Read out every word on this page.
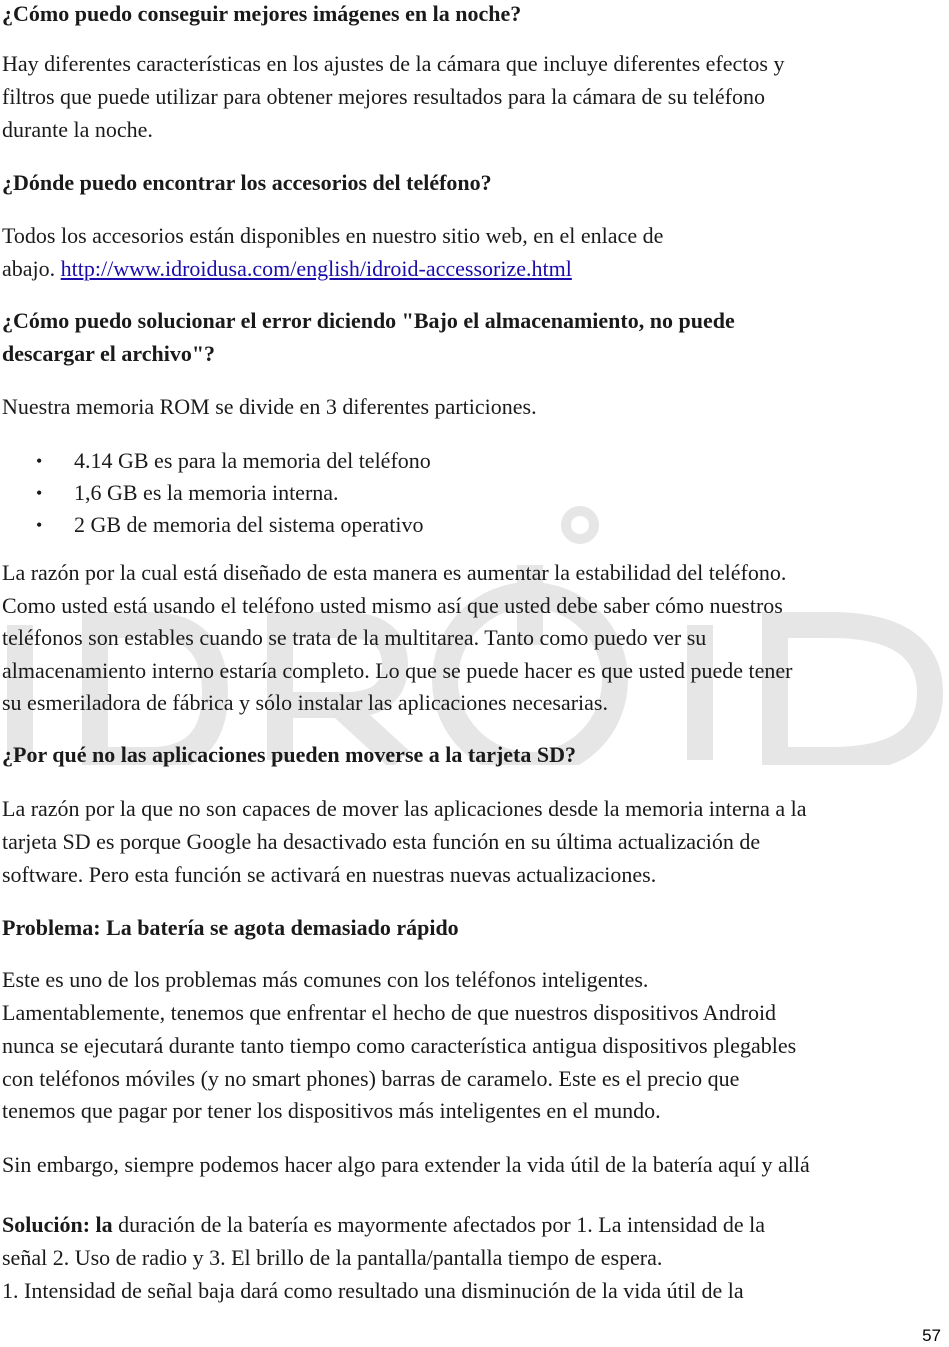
¿Cómo puedo conseguir mejores imágenes en la noche?
Hay diferentes características en los ajustes de la cámara que incluye diferentes efectos y
filtros que puede utilizar para obtener mejores resultados para la cámara de su teléfono
durante la noche.
¿Dónde puedo encontrar los accesorios del teléfono?
Todos los accesorios están disponibles en nuestro sitio web, en el enlace de
abajo. http://www.idroidusa.com/english/idroid-accessorize.html
¿Cómo puedo solucionar el error diciendo "Bajo el almacenamiento, no puede
descargar el archivo"?
Nuestra memoria ROM se divide en 3 diferentes particiones.
• 4.14 GB es para la memoria del teléfono
• 1,6 GB es la memoria interna.
• 2 GB de memoria del sistema operativo
La razón por la cual está diseñado de esta manera es aumentar la estabilidad del teléfono.
Como usted está usando el teléfono usted mismo así que usted debe saber cómo nuestros
teléfonos son estables cuando se trata de la multitarea. Tanto como puedo ver su
almacenamiento interno estaría completo. Lo que se puede hacer es que usted puede tener
su esmeriladora de fábrica y sólo instalar las aplicaciones necesarias.
¿Por qué no las aplicaciones pueden moverse a la tarjeta SD?
La razón por la que no son capaces de mover las aplicaciones desde la memoria interna a la
tarjeta SD es porque Google ha desactivado esta función en su última actualización de
software. Pero esta función se activará en nuestras nuevas actualizaciones.
Problema: La batería se agota demasiado rápido
Este es uno de los problemas más comunes con los teléfonos inteligentes.
Lamentablemente, tenemos que enfrentar el hecho de que nuestros dispositivos Android
nunca se ejecutará durante tanto tiempo como característica antigua dispositivos plegables
con teléfonos móviles (y no smart phones) barras de caramelo. Este es el precio que
tenemos que pagar por tener los dispositivos más inteligentes en el mundo.
Sin embargo, siempre podemos hacer algo para extender la vida útil de la batería aquí y allá
Solución: la duración de la batería es mayormente afectados por 1. La intensidad de la
señal 2. Uso de radio y 3. El brillo de la pantalla/pantalla tiempo de espera.
1. Intensidad de señal baja dará como resultado una disminución de la vida útil de la
57
